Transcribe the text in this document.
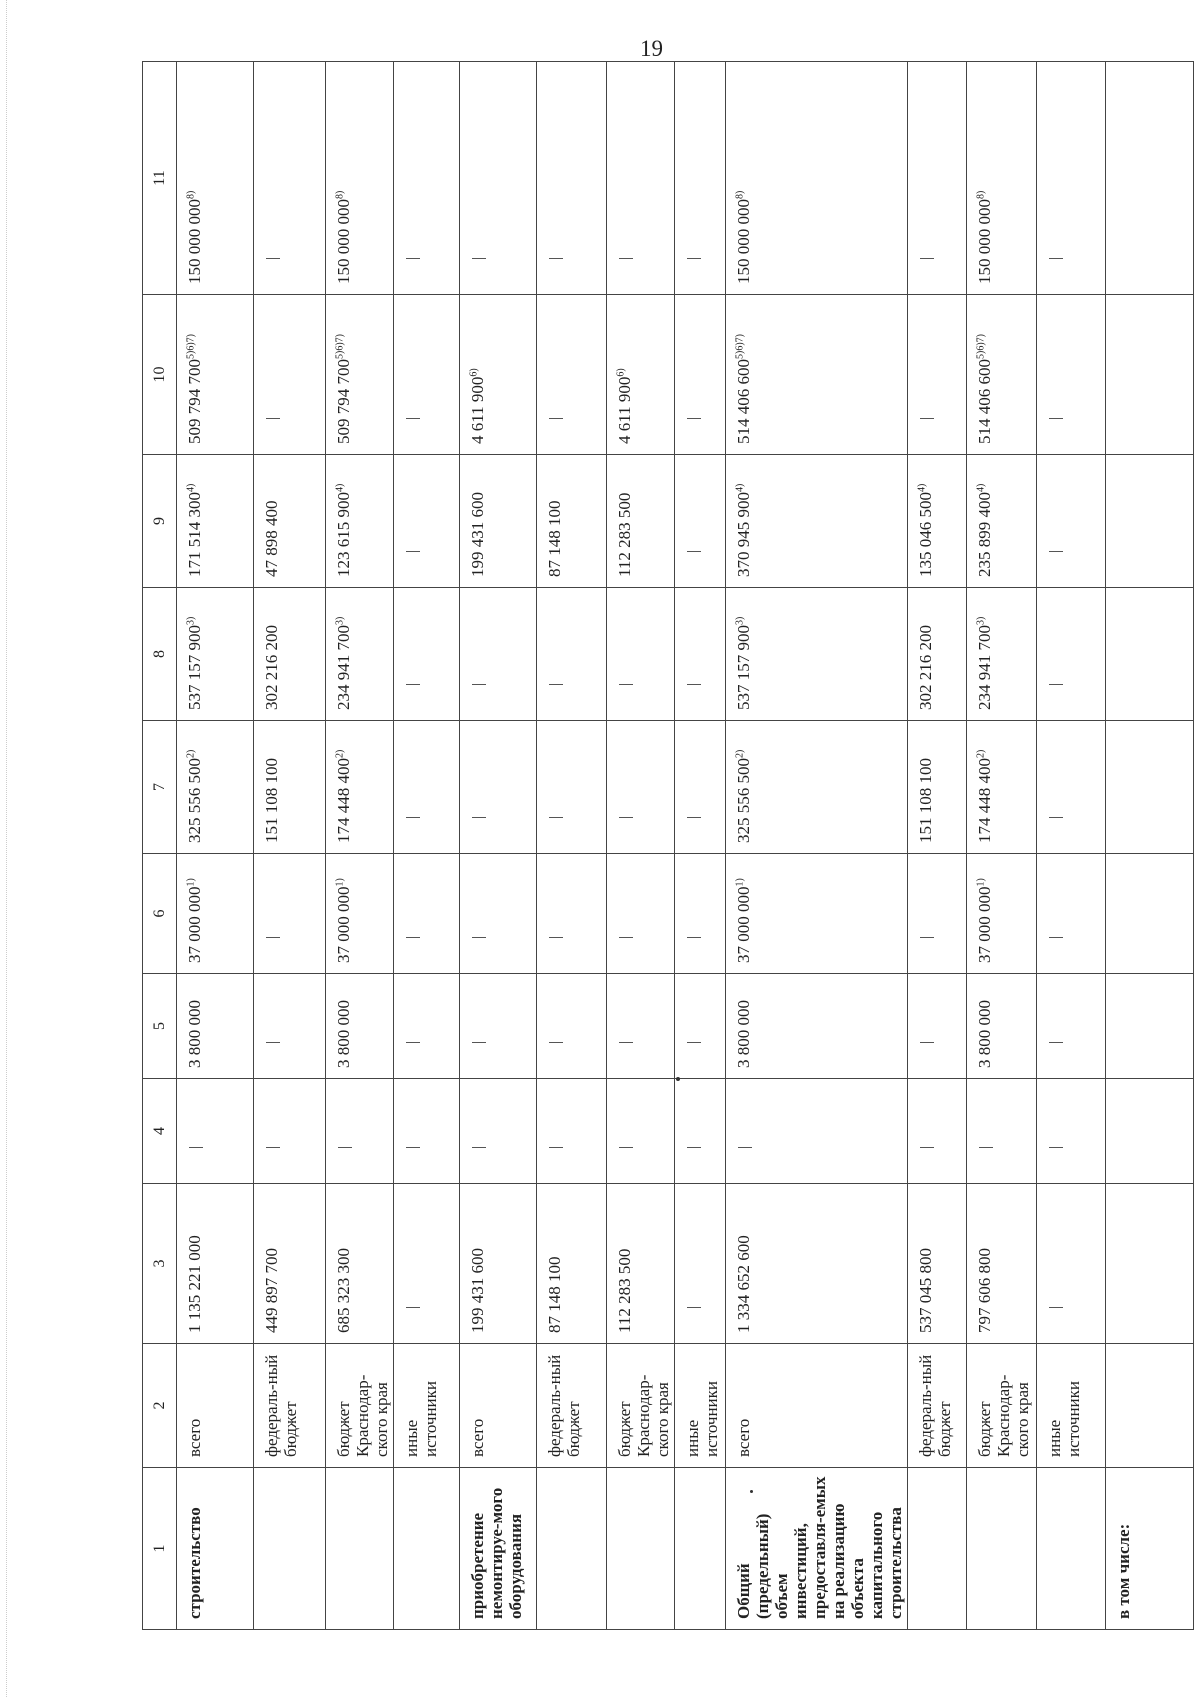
19
1	2	3	4	5	6	7	8	9	10	11
строительство	всего	1 135 221 000		3 800 000	37 000 000$^{1)}$	325 556 500$^{2)}$	537 157 900$^{3)}$	171 514 300$^{4)}$	509 794 $700^{5)6)7)}$	150 000 000$^{8)}$
	федераль-ный бюджет	449 897 700				151 108 100	302 216 200	47 898 400	

	бюджет Краснодар-ского края	685 323 300		3 800 000	37 000 000$^{1)}$	174 448 400$^{2)}$	234 941 700$^{3)}$	123 615 900$^{4)}$	509 794 $700^{5)6)7)}$	150 000 000$^{8)}$
	иные источники	

приобретение немонтируе-мого оборудования	всего	199 431 600						199 431 600	4 611 900$^{6)}$	

	федераль-ный бюджет	87 148 100						87 148 100	

	бюджет Краснодар-ского края	112 283 500						112 283 500	4 611 900$^{6)}$	

	иные источники	

Общий (предельный) объем инвестиций, предоставля-емых на реализацию объекта капитального строительства	всего	1 334 652 600		3 800 000	37 000 000$^{1)}$	325 556 500$^{2)}$	537 157 900$^{3)}$	370 945 900$^{4)}$	514 406 $600^{5)6)7)}$	150 000 000$^{8)}$
	федераль-ный бюджет	537 045 800				151 108 100	302 216 200	135 046 500$^{4)}$	

	бюджет Краснодар-ского края	797 606 800		3 800 000	37 000 000$^{1)}$	174 448 400$^{2)}$	234 941 700$^{3)}$	235 899 400$^{4)}$	514 406 $600^{5)6)7)}$	150 000 000$^{8)}$
	иные источники	

в том числе:										
